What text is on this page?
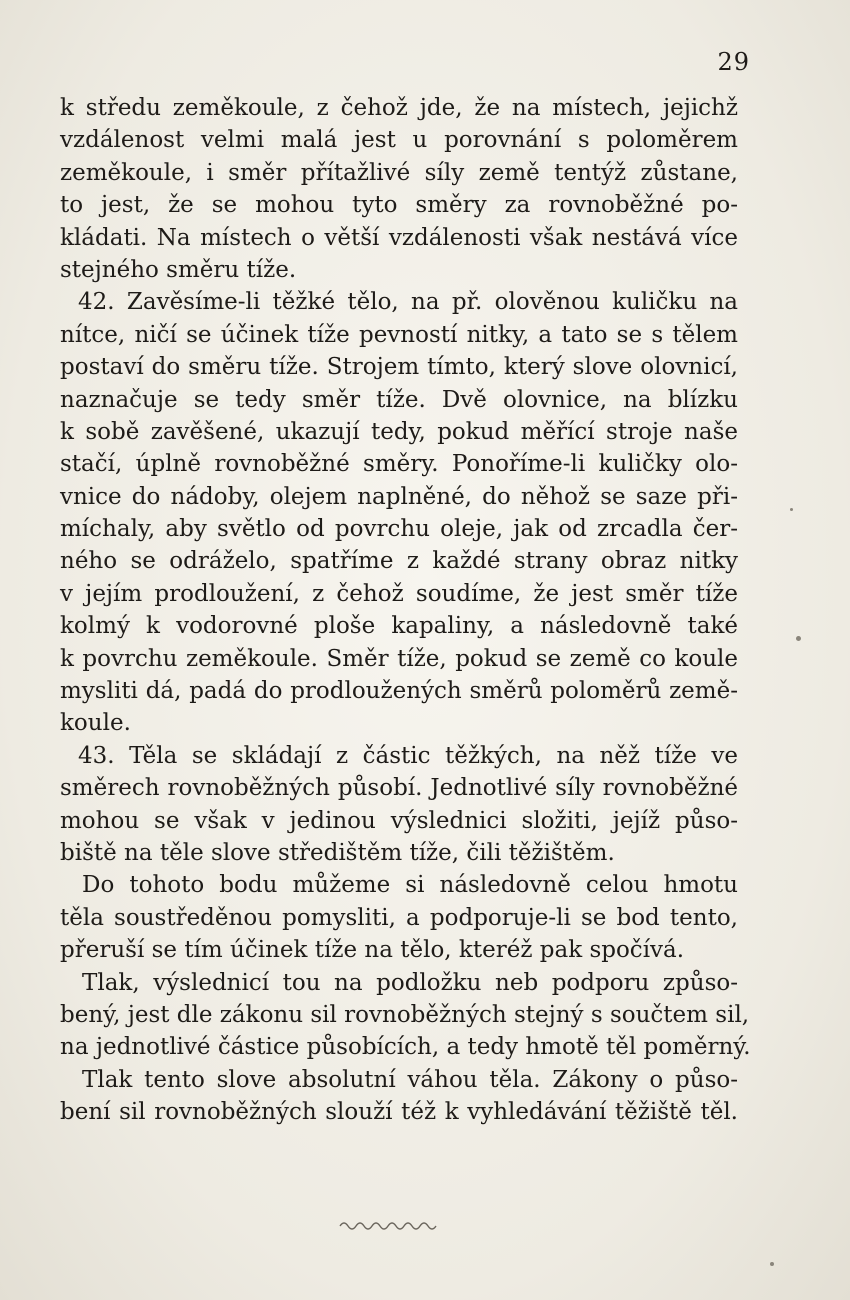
29
k středu zeměkoule, z čehož jde, že na místech, jejichž
vzdálenost velmi malá jest u porovnání s poloměrem
zeměkoule, i směr přítažlivé síly země tentýž zůstane,
to jest, že se mohou tyto směry za rovnoběžné po-
kládati. Na místech o větší vzdálenosti však nestává více
stejného směru tíže.
42. Zavěsíme-li těžké tělo, na př. olověnou kuličku na
nítce, ničí se účinek tíže pevností nitky, a tato se s tělem
postaví do směru tíže. Strojem tímto, který slove olovnicí,
naznačuje se tedy směr tíže. Dvě olovnice, na blízku
k sobě zavěšené, ukazují tedy, pokud měřící stroje naše
stačí, úplně rovnoběžné směry. Ponoříme-li kuličky olo-
vnice do nádoby, olejem naplněné, do něhož se saze při-
míchaly, aby světlo od povrchu oleje, jak od zrcadla čer-
ného se odráželo, spatříme z každé strany obraz nitky
v jejím prodloužení, z čehož soudíme, že jest směr tíže
kolmý k vodorovné ploše kapaliny, a následovně také
k povrchu zeměkoule. Směr tíže, pokud se země co koule
mysliti dá, padá do prodloužených směrů poloměrů země-
koule.
43. Těla se skládají z částic těžkých, na něž tíže ve
směrech rovnoběžných působí. Jednotlivé síly rovnoběžné
mohou se však v jedinou výslednici složiti, jejíž půso-
biště na těle slove středištěm tíže, čili těžištěm.
Do tohoto bodu můžeme si následovně celou hmotu
těla soustředěnou pomysliti, a podporuje-li se bod tento,
přeruší se tím účinek tíže na tělo, kteréž pak spočívá.
Tlak, výslednicí tou na podložku neb podporu způso-
bený, jest dle zákonu sil rovnoběžných stejný s součtem sil,
na jednotlivé částice působících, a tedy hmotě těl poměrný.
Tlak tento slove absolutní váhou těla. Zákony o půso-
bení sil rovnoběžných slouží též k vyhledávání těžiště těl.
